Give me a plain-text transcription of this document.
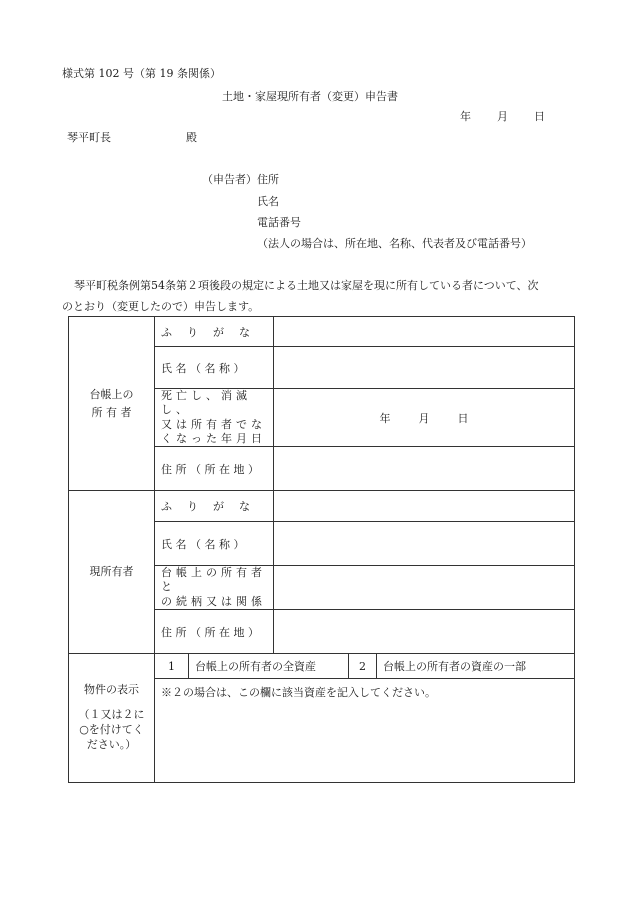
様式第 102 号（第 19 条関係）
土地・家屋現所有者（変更）申告書
年 月 日
琴平町長	殿
（申告者） 住所
氏名
電話番号
（法人の場合は、所在地、名称、代表者及び電話番号）
琴平町税条例第54条第２項後段の規定による土地又は家屋を現に所有している者について、次
のとおり（変更したので）申告します。
台帳上の
所 有 者	ふ り が な				
	氏 名 （ 名 称 ）				

	死亡し、消滅し、
又は所有者でな
くなった年月日		年 月 日		
	住 所 （ 所 在 地 ）				
現所有者	ふ り が な				
	氏 名 （ 名 称 ）				

	台帳上の所有者と
の続柄又は関係				

	住 所 （ 所 在 地 ）				

物件の表示
（１又は２に
○を付けてく
ださい。）	1	台帳上の所有者の全資産		2	台帳上の所有者の資産の一部
	※２の場合は、この欄に該当資産を記入してください。				
